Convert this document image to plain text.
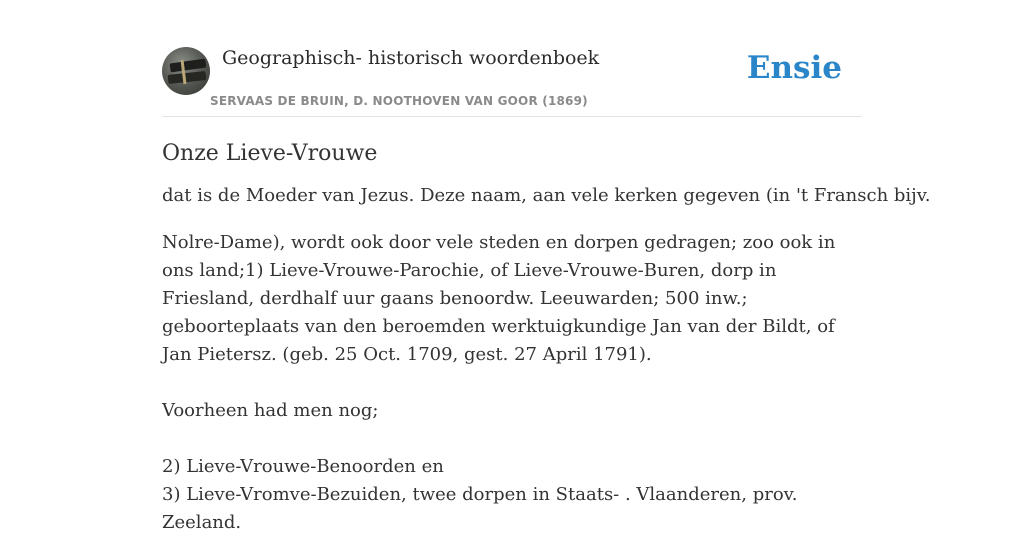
Geographisch- historisch woordenboek
SERVAAS DE BRUIN, D. NOOTHOVEN VAN GOOR (1869)
Ensie
Onze Lieve-Vrouwe

dat is de Moeder van Jezus. Deze naam, aan vele kerken gegeven (in 't Fransch bijv.

Nolre-Dame), wordt ook door vele steden en dorpen gedragen; zoo ook in ons land;1) Lieve-Vrouwe-Parochie, of Lieve-Vrouwe-Buren, dorp in Friesland, derdhalf uur gaans benoordw. Leeuwarden; 500 inw.; geboorteplaats van den beroemden werktuigkundige Jan van der Bildt, of Jan Pietersz. (geb. 25 Oct. 1709, gest. 27 April 1791).

Voorheen had men nog;

2) Lieve-Vrouwe-Benoorden en

3) Lieve-Vromve-Bezuiden, twee dorpen in Staats- . Vlaanderen, prov. Zeeland.
